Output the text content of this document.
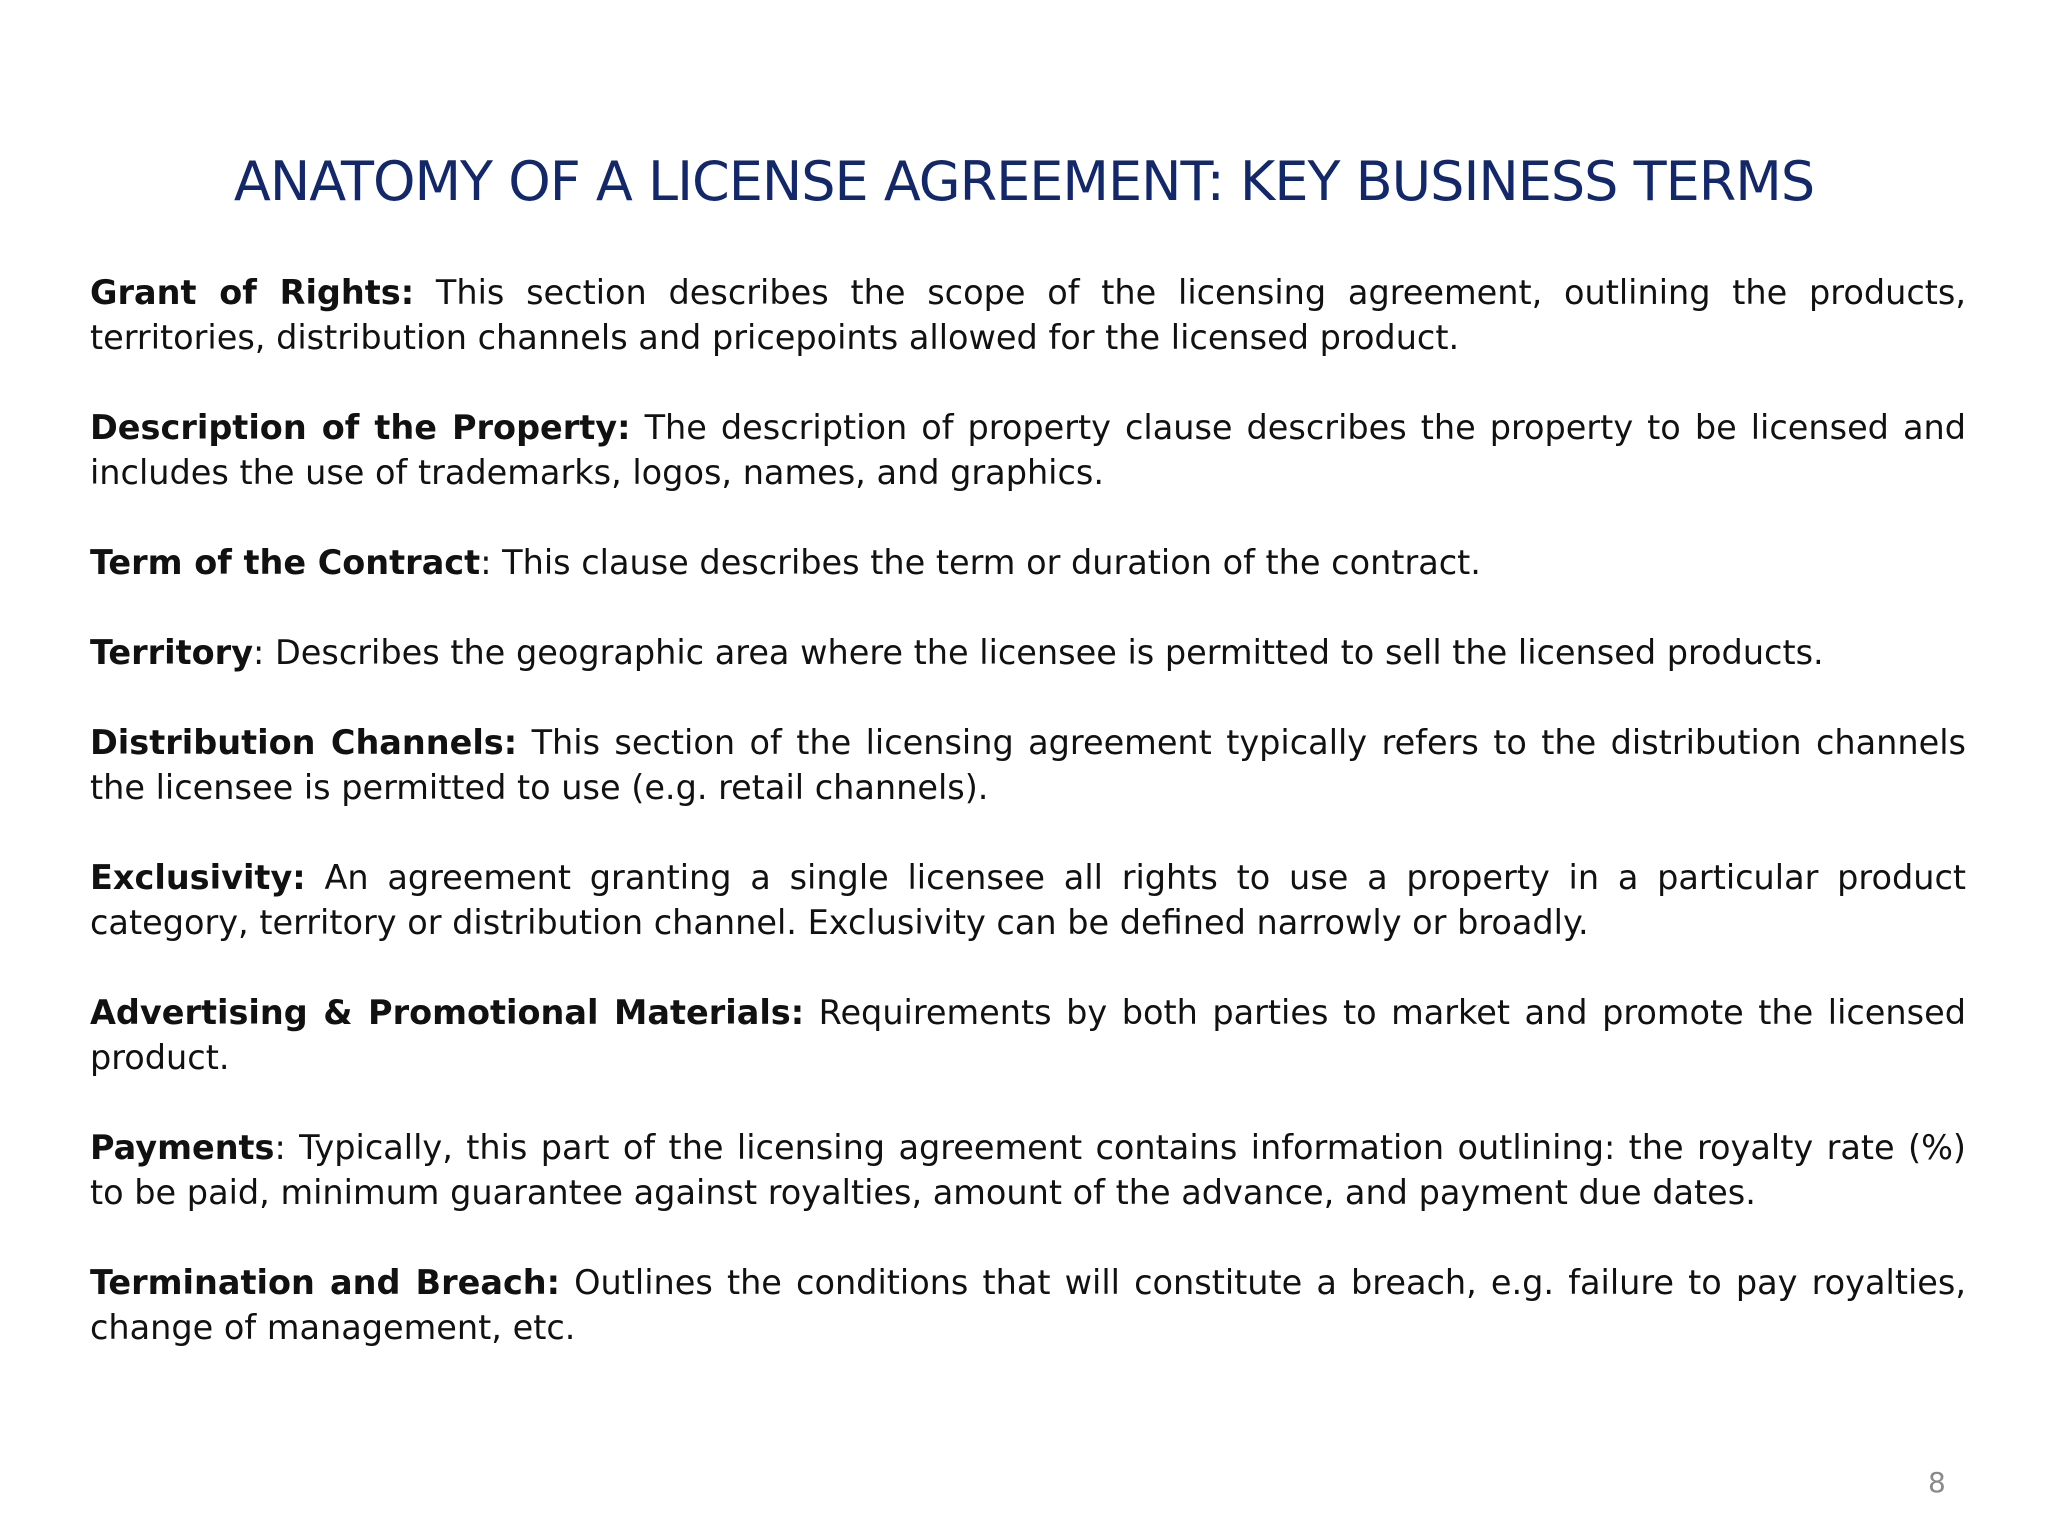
ANATOMY OF A LICENSE AGREEMENT: KEY BUSINESS TERMS

Grant of Rights: This section describes the scope of the licensing agreement, outlining the products, territories, distribution channels and pricepoints allowed for the licensed product.

Description of the Property: The description of property clause describes the property to be licensed and includes the use of trademarks, logos, names, and graphics.

Term of the Contract: This clause describes the term or duration of the contract.

Territory: Describes the geographic area where the licensee is permitted to sell the licensed products.

Distribution Channels: This section of the licensing agreement typically refers to the distribution channels the licensee is permitted to use (e.g. retail channels).

Exclusivity: An agreement granting a single licensee all rights to use a property in a particular product category, territory or distribution channel. Exclusivity can be defined narrowly or broadly.

Advertising & Promotional Materials: Requirements by both parties to market and promote the licensed product.

Payments: Typically, this part of the licensing agreement contains information outlining: the royalty rate (%) to be paid, minimum guarantee against royalties, amount of the advance, and payment due dates.

Termination and Breach: Outlines the conditions that will constitute a breach, e.g. failure to pay royalties, change of management, etc.

8
